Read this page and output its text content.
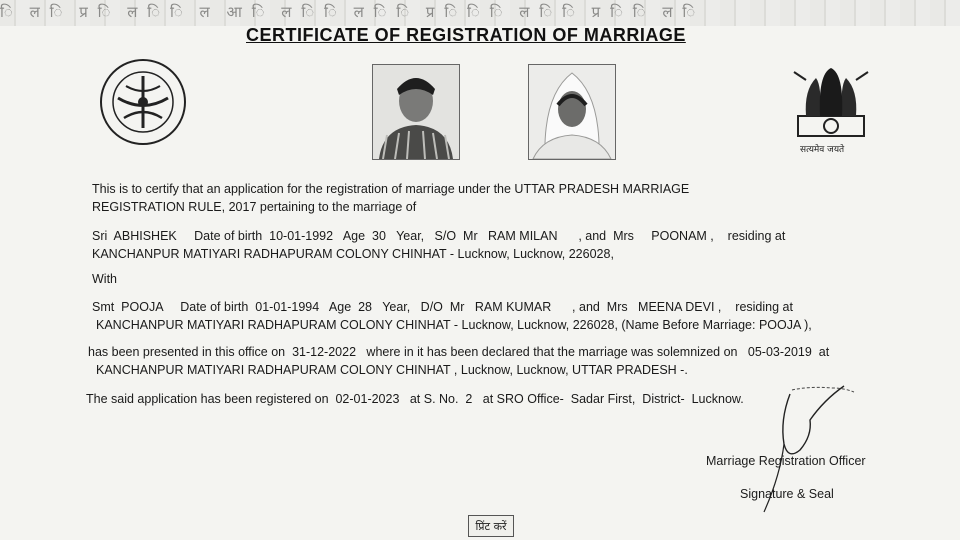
ि ल ि प्र ि ल ि ि ल आ ि ल ि ि ल ि ि प्र ि ि ि ल ि ि प्र ि ि ल ि
CERTIFICATE OF REGISTRATION OF MARRIAGE
सत्यमेव जयते
This is to certify that an application for the registration of marriage under the UTTAR PRADESH MARRIAGE
REGISTRATION RULE, 2017 pertaining to the marriage of
Sri  ABHISHEK     Date of birth  10-01-1992   Age  30   Year,   S/O  Mr   RAM MILAN      , and  Mrs     POONAM ,    residing at
KANCHANPUR MATIYARI RADHAPURAM COLONY CHINHAT - Lucknow, Lucknow, 226028,
With
Smt  POOJA     Date of birth  01-01-1994   Age  28   Year,   D/O  Mr   RAM KUMAR      , and  Mrs   MEENA DEVI ,    residing at
KANCHANPUR MATIYARI RADHAPURAM COLONY CHINHAT - Lucknow, Lucknow, 226028, (Name Before Marriage: POOJA ),
has been presented in this office on  31-12-2022   where in it has been declared that the marriage was solemnized on   05-03-2019  at
KANCHANPUR MATIYARI RADHAPURAM COLONY CHINHAT , Lucknow, Lucknow, UTTAR PRADESH -.
The said application has been registered on  02-01-2023   at S. No.  2   at SRO Office-  Sadar First,  District-  Lucknow.
Marriage Registration Officer
Signature & Seal
प्रिंट करें
